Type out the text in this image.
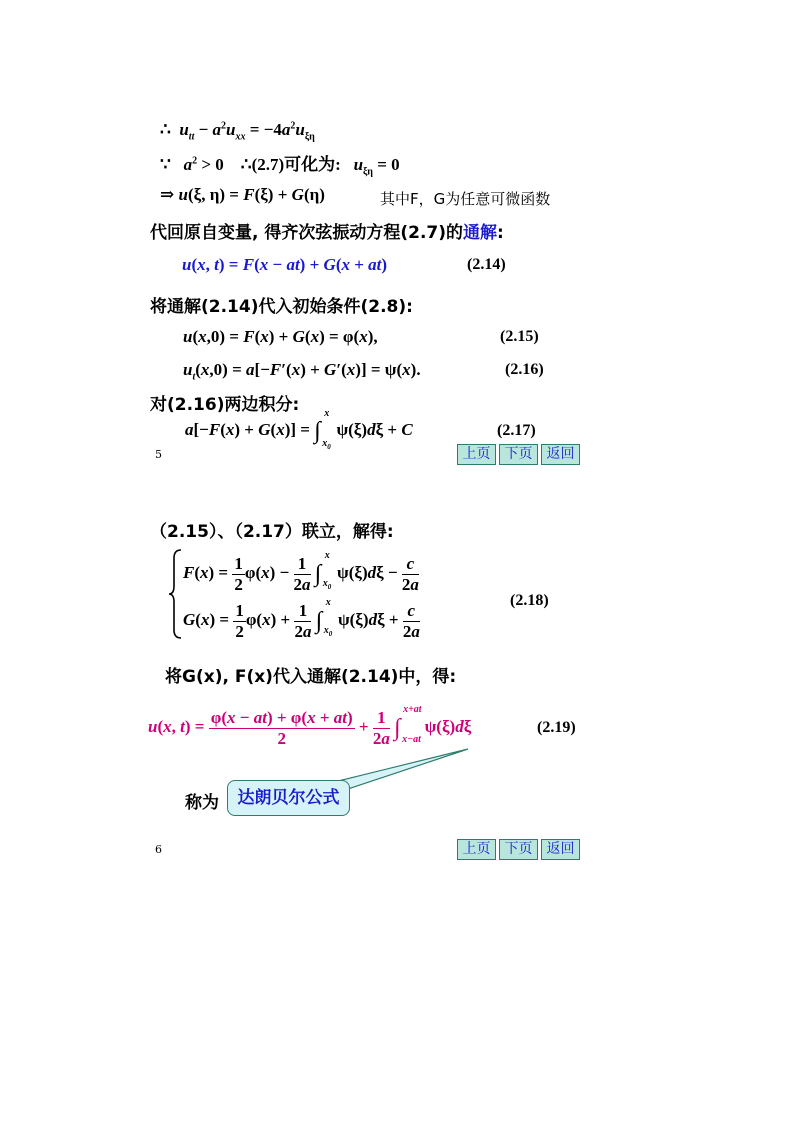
∴  $u_{tt} - a^2u_{xx} = -4a^2u_{\xi\eta}$
∵ $a^2 > 0$    ∴(2.7)可化为: $u_{\xi\eta} = 0$
⇒ u(ξ, η) = F(ξ) + G(η)	其中F，G为任意可微函数
代回原自变量, 得齐次弦振动方程(2.7)的通解:
u(x, t) = F(x − at) + G(x + at)	(2.14)
将通解(2.14)代入初始条件(2.8):
u(x,0) = F(x) + G(x) = φ(x),	(2.15)
$u_t(x,0) = a[-F'(x) + G'(x)] = \psi(x)$.	(2.16)
对(2.16)两边积分:
a[−F(x) + G(x)] = ∫
x
$x_0$
ψ(ξ)dξ + C	(2.17)
5	上页	下页	返回
（2.15）、（2.17）联立，解得:
$F(x) = \frac{1}{2} \varphi(x) - \frac{1}{2a}$ ∫
x
$x_0$
$\psi(\xi)d\xi - \frac{c}{2a}$
$G(x) = \frac{1}{2} \varphi(x) + \frac{1}{2a}$ ∫
x
$x_0$
$\psi(\xi)d\xi + \frac{c}{2a}$
(2.18)
将G(x), F(x)代入通解(2.14)中，得:
u(x, $t) = \frac{\varphi(x - at) + \varphi(x + at)}{2} + \frac{1}{2a}$ ∫
x+at
x−at
ψ(ξ)dξ	(2.19)
称为	达朗贝尔公式
6	上页	下页	返回
